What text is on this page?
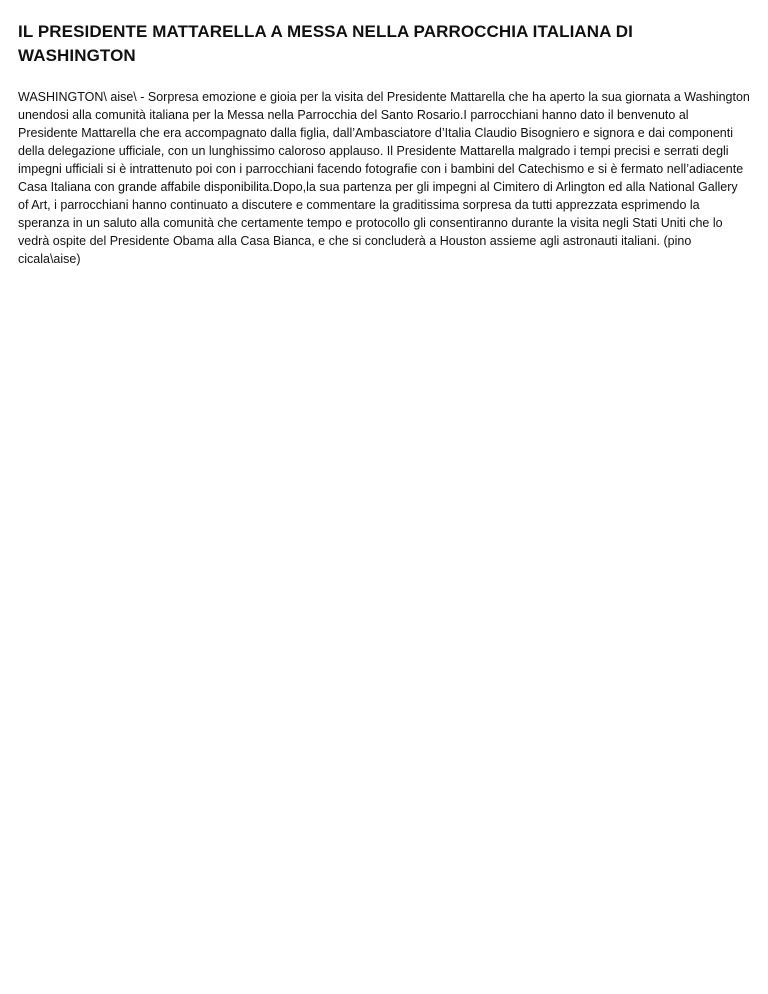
IL PRESIDENTE MATTARELLA A MESSA NELLA PARROCCHIA ITALIANA DI WASHINGTON

WASHINGTON\ aise\ - Sorpresa emozione e gioia per la visita del Presidente Mattarella che ha aperto la sua giornata a Washington unendosi alla comunità italiana per la Messa nella Parrocchia del Santo Rosario.I parrocchiani hanno dato il benvenuto al Presidente Mattarella che era accompagnato dalla figlia, dall’Ambasciatore d’Italia Claudio Bisogniero e signora e dai componenti della delegazione ufficiale, con un lunghissimo caloroso applauso. Il Presidente Mattarella malgrado i tempi precisi e serrati degli impegni ufficiali si è intrattenuto poi con i parrocchiani facendo fotografie con i bambini del Catechismo e si è fermato nell’adiacente Casa Italiana con grande affabile disponibilita.Dopo,la sua partenza per gli impegni al Cimitero di Arlington ed alla National Gallery of Art, i parrocchiani hanno continuato a discutere e commentare la graditissima sorpresa da tutti apprezzata esprimendo la speranza in un saluto alla comunità che certamente tempo e protocollo gli consentiranno durante la visita negli Stati Uniti che lo vedrà ospite del Presidente Obama alla Casa Bianca, e che si concluderà a Houston assieme agli astronauti italiani. (pino cicala\aise)
